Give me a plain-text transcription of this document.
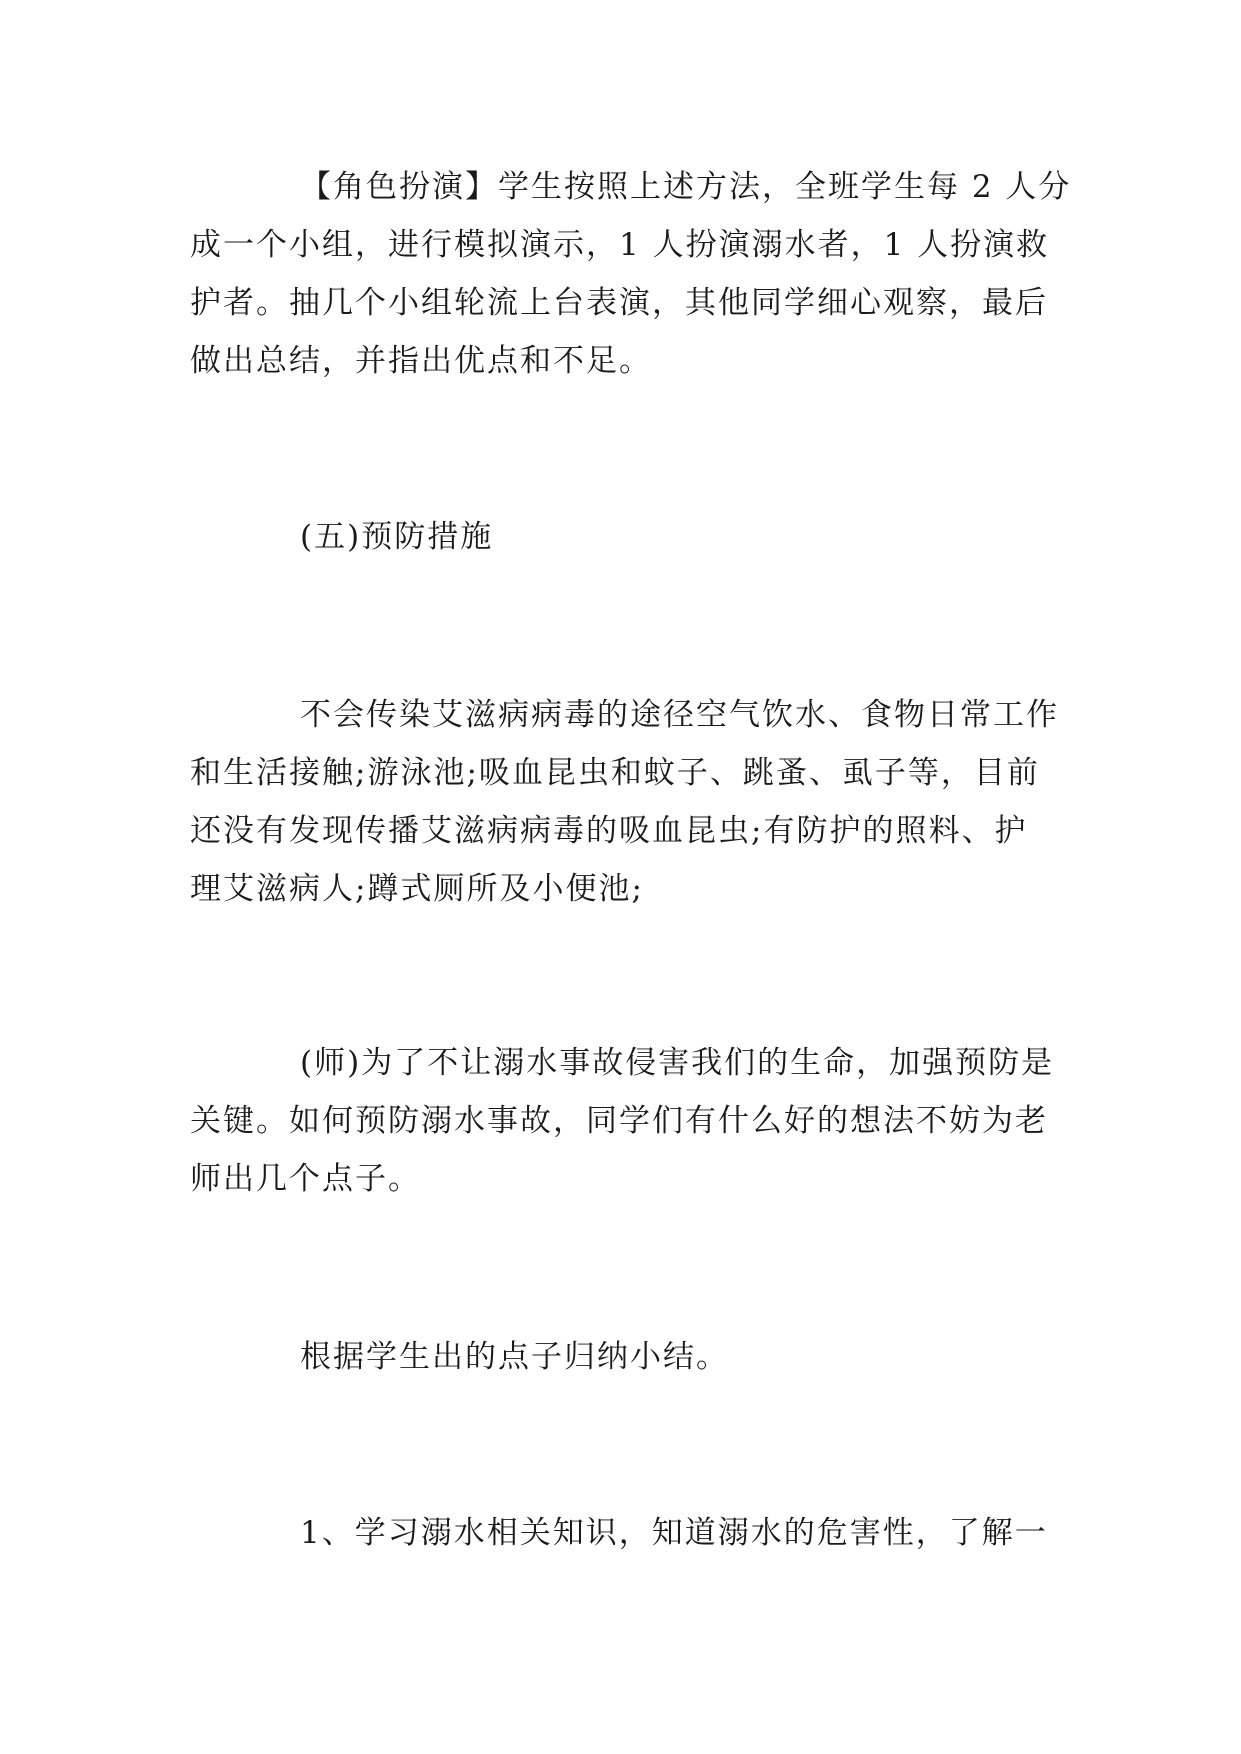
【角色扮演】学生按照上述方法，全班学生每 2 人分
成一个小组，进行模拟演示，1 人扮演溺水者，1 人扮演救
护者。抽几个小组轮流上台表演，其他同学细心观察，最后
做出总结，并指出优点和不足。
(五)预防措施
不会传染艾滋病病毒的途径空气饮水、食物日常工作
和生活接触;游泳池;吸血昆虫和蚊子、跳蚤、虱子等，目前
还没有发现传播艾滋病病毒的吸血昆虫;有防护的照料、护
理艾滋病人;蹲式厕所及小便池;
(师)为了不让溺水事故侵害我们的生命，加强预防是
关键。如何预防溺水事故，同学们有什么好的想法不妨为老
师出几个点子。
根据学生出的点子归纳小结。
1、学习溺水相关知识，知道溺水的危害性，了解一
